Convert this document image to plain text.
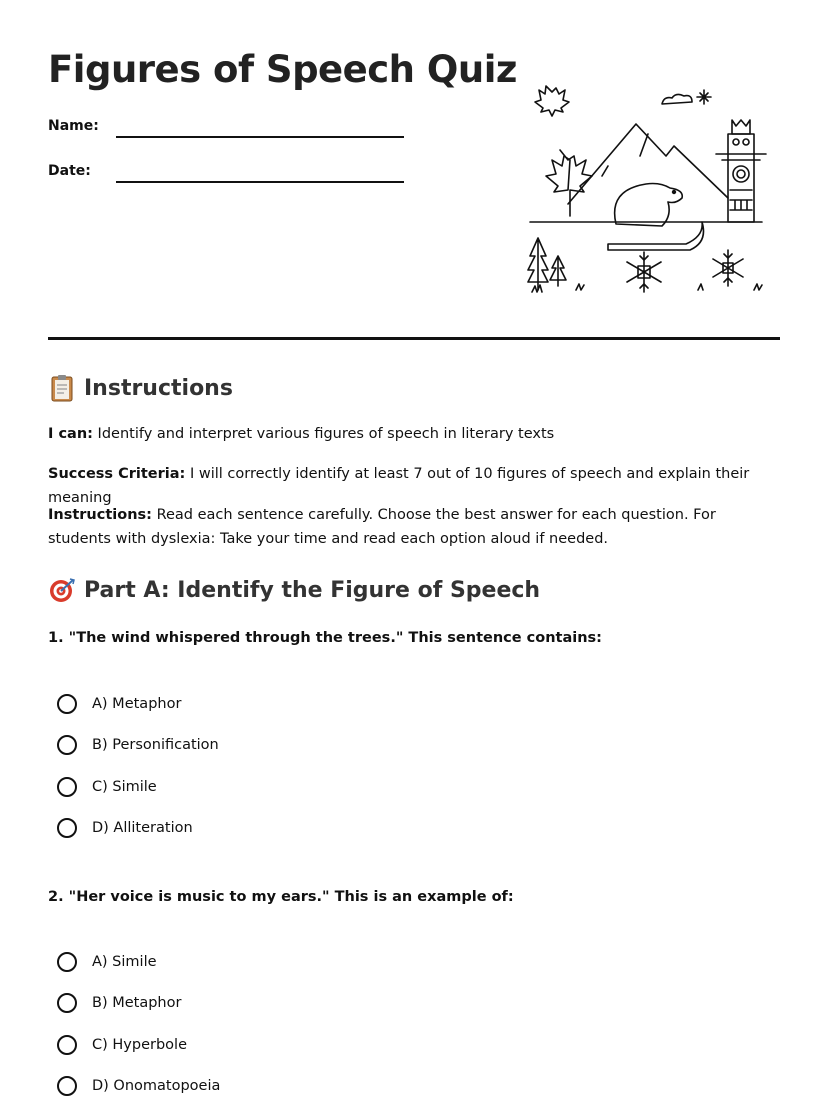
Figures of Speech Quiz
Name:
Date:
Instructions

I can: Identify and interpret various figures of speech in literary texts

Success Criteria: I will correctly identify at least 7 out of 10 figures of speech and explain their meaning

Instructions: Read each sentence carefully. Choose the best answer for each question. For students with dyslexia: Take your time and read each option aloud if needed.

Part A: Identify the Figure of Speech

1. "The wind whispered through the trees." This sentence contains:

A) Metaphor
B) Personification
C) Simile
D) Alliteration

2. "Her voice is music to my ears." This is an example of:

A) Simile
B) Metaphor
C) Hyperbole
D) Onomatopoeia
